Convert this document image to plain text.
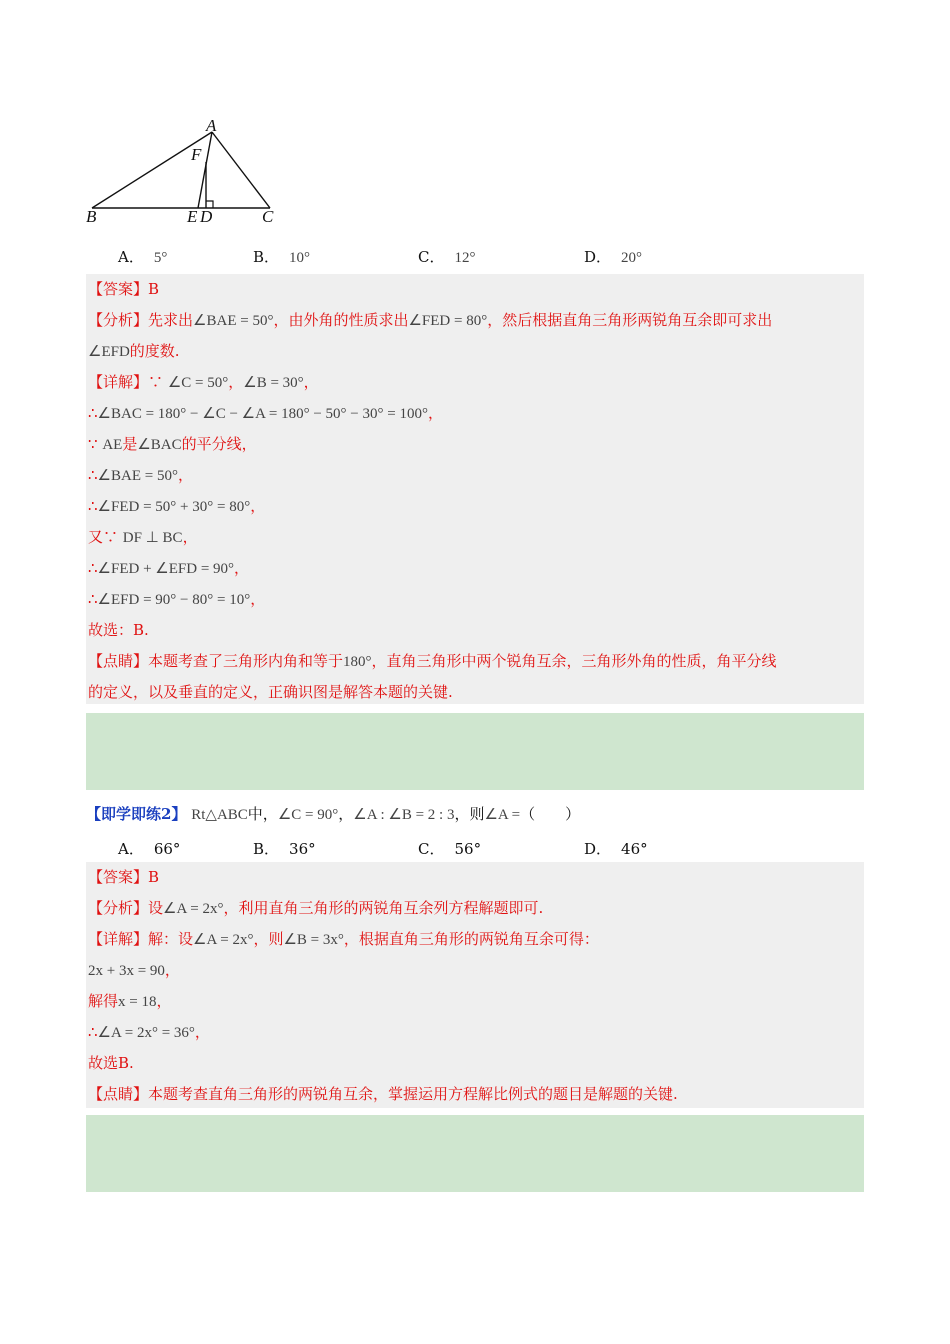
A
F
B	E D	C
A． 5°	B． 10°	C． 12°	D． 20°
【答案】B
【分析】先求出∠BAE = 50°，由外角的性质求出∠FED = 80°，然后根据直角三角形两锐角互余即可求出
∠EFD的度数.
【详解】∵ ∠C = 50°，∠B = 30°，
∴∠BAC = 180° − ∠C − ∠A = 180° − 50° − 30° = 100°，
∵ AE是∠BAC的平分线，
∴∠BAE = 50°，
∴∠FED = 50° + 30° = 80°，
又∵ DF ⊥ BC，
∴∠FED + ∠EFD = 90°，
∴∠EFD = 90° − 80° = 10°，
故选：B.
【点睛】本题考查了三角形内角和等于180°，直角三角形中两个锐角互余，三角形外角的性质，角平分线
的定义，以及垂直的定义，正确识图是解答本题的关键.
【即学即练2】 Rt△ABC中，∠C = 90°，∠A : ∠B = 2 : 3，则∠A =（　　）
A． 66°	B． 36°	C． 56°	D． 46°
【答案】B
【分析】设∠A = 2x°，利用直角三角形的两锐角互余列方程解题即可.
【详解】解：设∠A = 2x°，则∠B = 3x°，根据直角三角形的两锐角互余可得：
2x + 3x = 90，
解得x = 18，
∴∠A = 2x° = 36°，
故选B.
【点睛】本题考查直角三角形的两锐角互余，掌握运用方程解比例式的题目是解题的关键.
